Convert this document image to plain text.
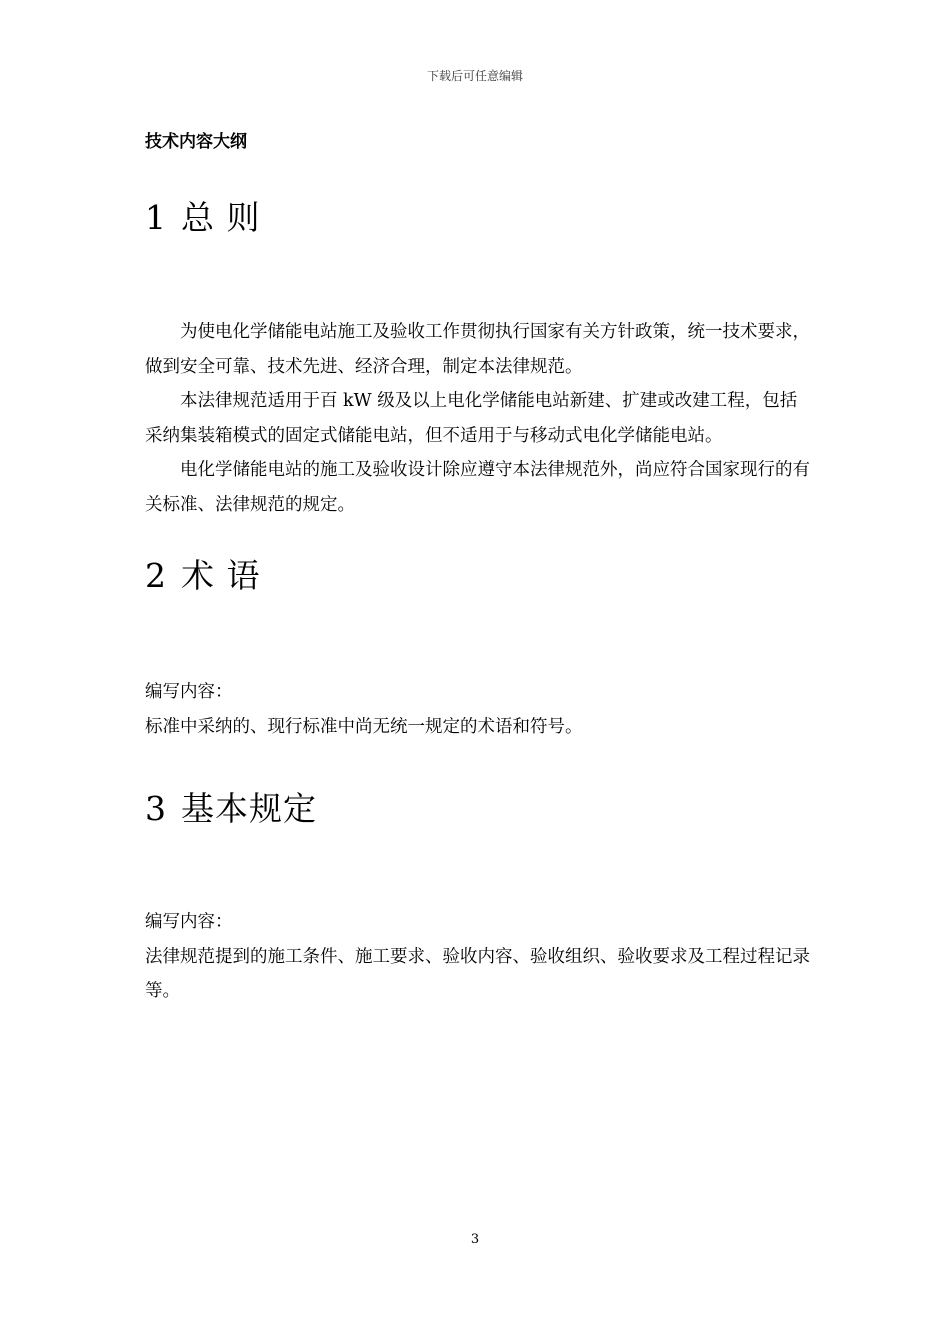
下载后可任意编辑
技术内容大纲
1 总 则

为使电化学储能电站施工及验收工作贯彻执行国家有关方针政策，统一技术要求，做到安全可靠、技术先进、经济合理，制定本法律规范。

本法律规范适用于百 kW 级及以上电化学储能电站新建、扩建或改建工程，包括采纳集装箱模式的固定式储能电站，但不适用于与移动式电化学储能电站。

电化学储能电站的施工及验收设计除应遵守本法律规范外，尚应符合国家现行的有关标准、法律规范的规定。

2 术 语

编写内容：

标准中采纳的、现行标准中尚无统一规定的术语和符号。

3 基本规定

编写内容：

法律规范提到的施工条件、施工要求、验收内容、验收组织、验收要求及工程过程记录等。

3
